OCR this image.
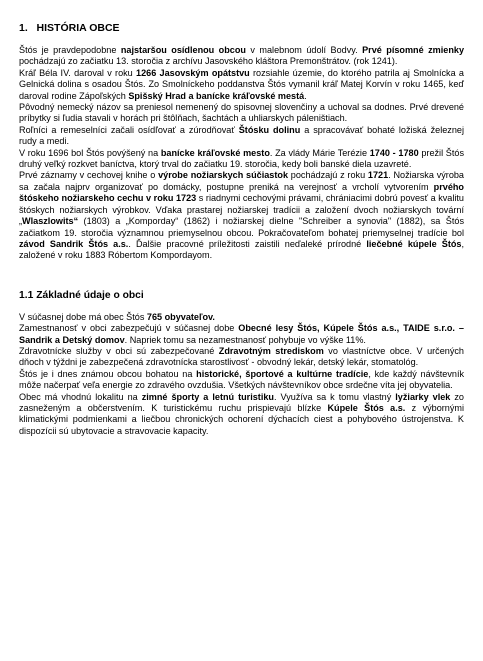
1. HISTÓRIA OBCE

Štós je pravdepodobne najstaršou osídlenou obcou v malebnom údolí Bodvy. Prvé písomné zmienky pochádzajú zo začiatku 13. storočia z archívu Jasovského kláštora Premonštrátov. (rok 1241).

Kráľ Béla IV. daroval v roku 1266 Jasovským opátstvu rozsiahle územie, do ktorého patrila aj Smolnícka a Gelnická dolina s osadou Štós. Zo Smolníckeho poddanstva Štós vymanil kráľ Matej Korvín v roku 1465, keď daroval rodine Zápoľských Spišský Hrad a banícke kráľovské mestá.

Pôvodný nemecký názov sa preniesol nemenený do spisovnej slovenčiny a uchoval sa dodnes. Prvé drevené príbytky si ľudia stavali v horách pri štôlňach, šachtách a uhliarskych páleništiach.

Roľníci a remeselníci začali osídľovať a zúrodňovať Štósku dolinu a spracovávať bohaté ložiská železnej rudy a medi.

V roku 1696 bol Štós povýšený na banícke kráľovské mesto. Za vlády Márie Terézie 1740 - 1780 prežil Štós druhý veľký rozkvet baníctva, ktorý trval do začiatku 19. storočia, kedy boli banské diela uzavreté.

Prvé záznamy v cechovej knihe o výrobe nožiarskych súčiastok pochádzajú z roku 1721. Nožiarska výroba sa začala najprv organizovať po domácky, postupne preniká na verejnosť a vrcholí vytvorením prvého štóskeho nožiarskeho cechu v roku 1723 s riadnymi cechovými právami, chrániacimi dobrú povesť a kvalitu štóskych nožiarskych výrobkov. Vďaka prastarej nožiarskej tradícii a založení dvoch nožiarskych tovární „Wlaszlowits“ (1803) a „Komporday“ (1862) i nožiarskej dielne "Schreiber a synovia" (1882), sa Štós začiatkom 19. storočia významnou priemyselnou obcou. Pokračovateľom bohatej priemyselnej tradície bol závod Sandrik Štós a.s.. Ďalšie pracovné príležitosti zaistili neďaleké prírodné liečebné kúpele Štós, založené v roku 1883 Róbertom Kompordayom.

1.1 Základné údaje o obci

V súčasnej dobe má obec Štós 765 obyvateľov.

Zamestnanosť v obci zabezpečujú v súčasnej dobe Obecné lesy Štós, Kúpele Štós a.s., TAIDE s.r.o. – Sandrik a Detský domov. Napriek tomu sa nezamestnanosť pohybuje vo výške 11%.

Zdravotnícke služby v obci sú zabezpečované Zdravotným strediskom vo vlastníctve obce. V určených dňoch v týždni je zabezpečená zdravotnícka starostlivosť - obvodný lekár, detský lekár, stomatológ.

Štós je i dnes známou obcou bohatou na historické, športové a kultúrne tradície, kde každý návštevník môže načerpať veľa energie zo zdravého ovzdušia. Všetkých návštevníkov obce srdečne víta jej obyvatelia.

Obec má vhodnú lokalitu na zimné športy a letnú turistiku. Využíva sa k tomu vlastný lyžiarky vlek zo zasneženým a občerstvením. K turistickému ruchu prispievajú blízke Kúpele Štós a.s. z výbornými klimatickými podmienkami a liečbou chronických ochorení dýchacích ciest a pohybového ústrojenstva. K dispozícii sú ubytovacie a stravovacie kapacity.
